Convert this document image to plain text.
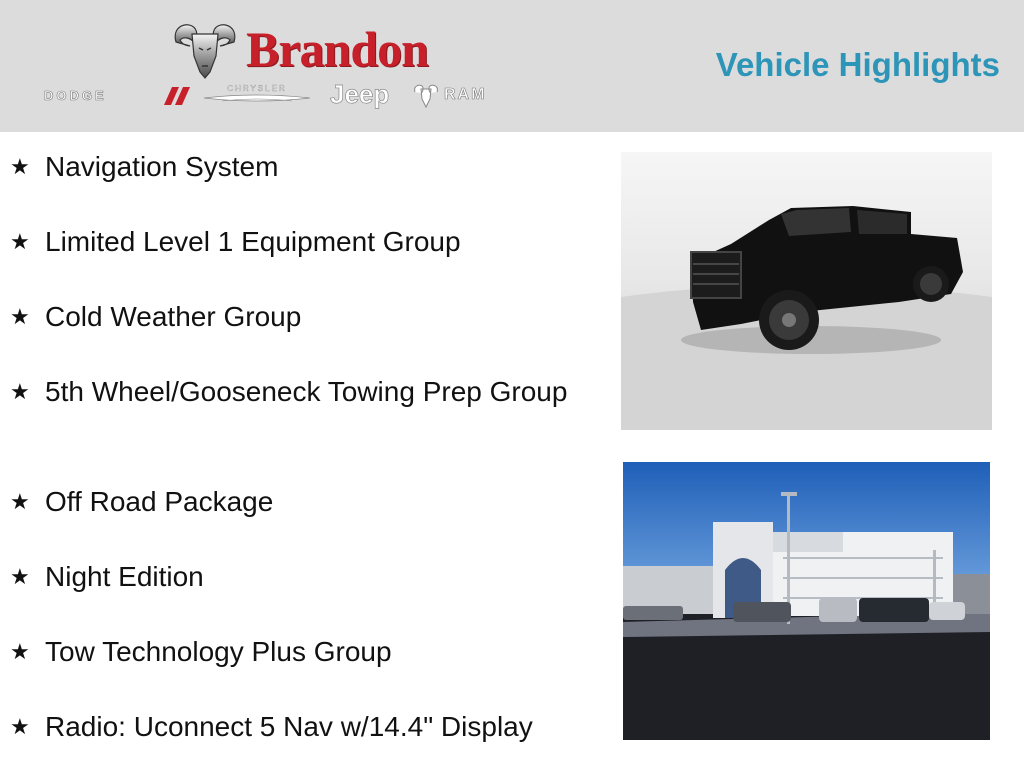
Brandon
DODGE	CHRYSLER	Jeep	RAM
Vehicle Highlights
★ Navigation System
★ Limited Level 1 Equipment Group
★ Cold Weather Group
★ 5th Wheel/Gooseneck Towing Prep Group
★ Off Road Package
★ Night Edition
★ Tow Technology Plus Group
★ Radio: Uconnect 5 Nav w/14.4" Display
